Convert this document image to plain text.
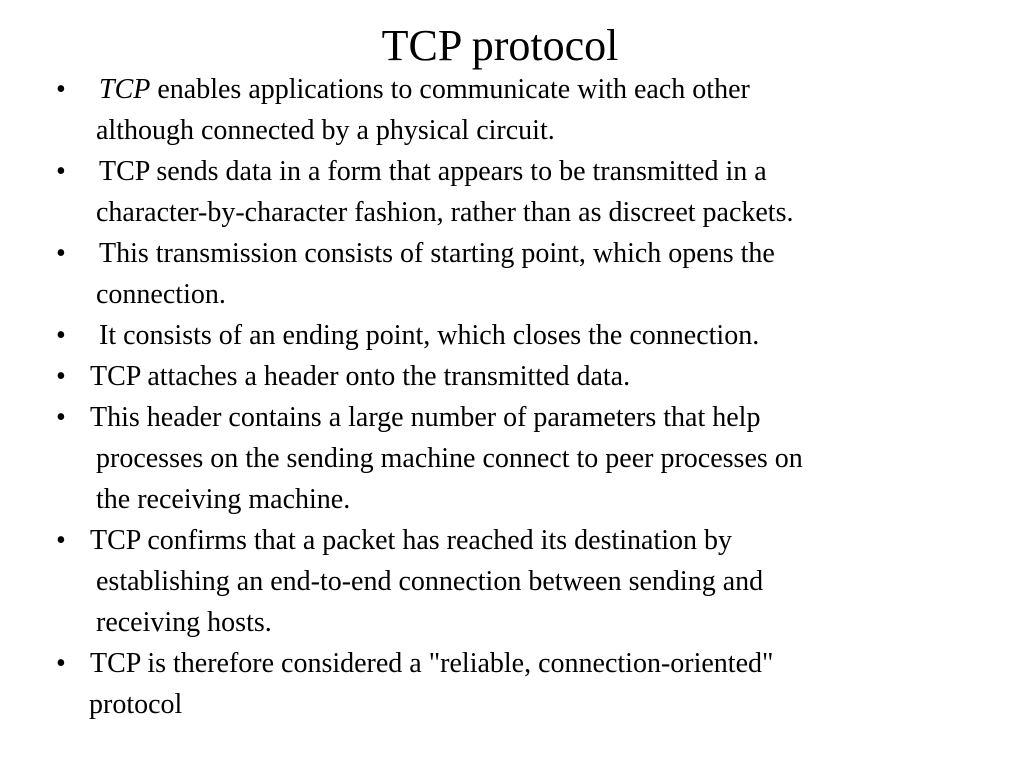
TCP protocol
•	TCP enables applications to communicate with each other
although connected by a physical circuit.
•	TCP sends data in a form that appears to be transmitted in a
character-by-character fashion, rather than as discreet packets.
•	This transmission consists of starting point, which opens the
connection.
•	It consists of an ending point, which closes the connection.
• TCP attaches a header onto the transmitted data.
• This header contains a large number of parameters that help
processes on the sending machine connect to peer processes on
the receiving machine.
• TCP confirms that a packet has reached its destination by
establishing an end-to-end connection between sending and
receiving hosts.
• TCP is therefore considered a "reliable, connection-oriented"
protocol
